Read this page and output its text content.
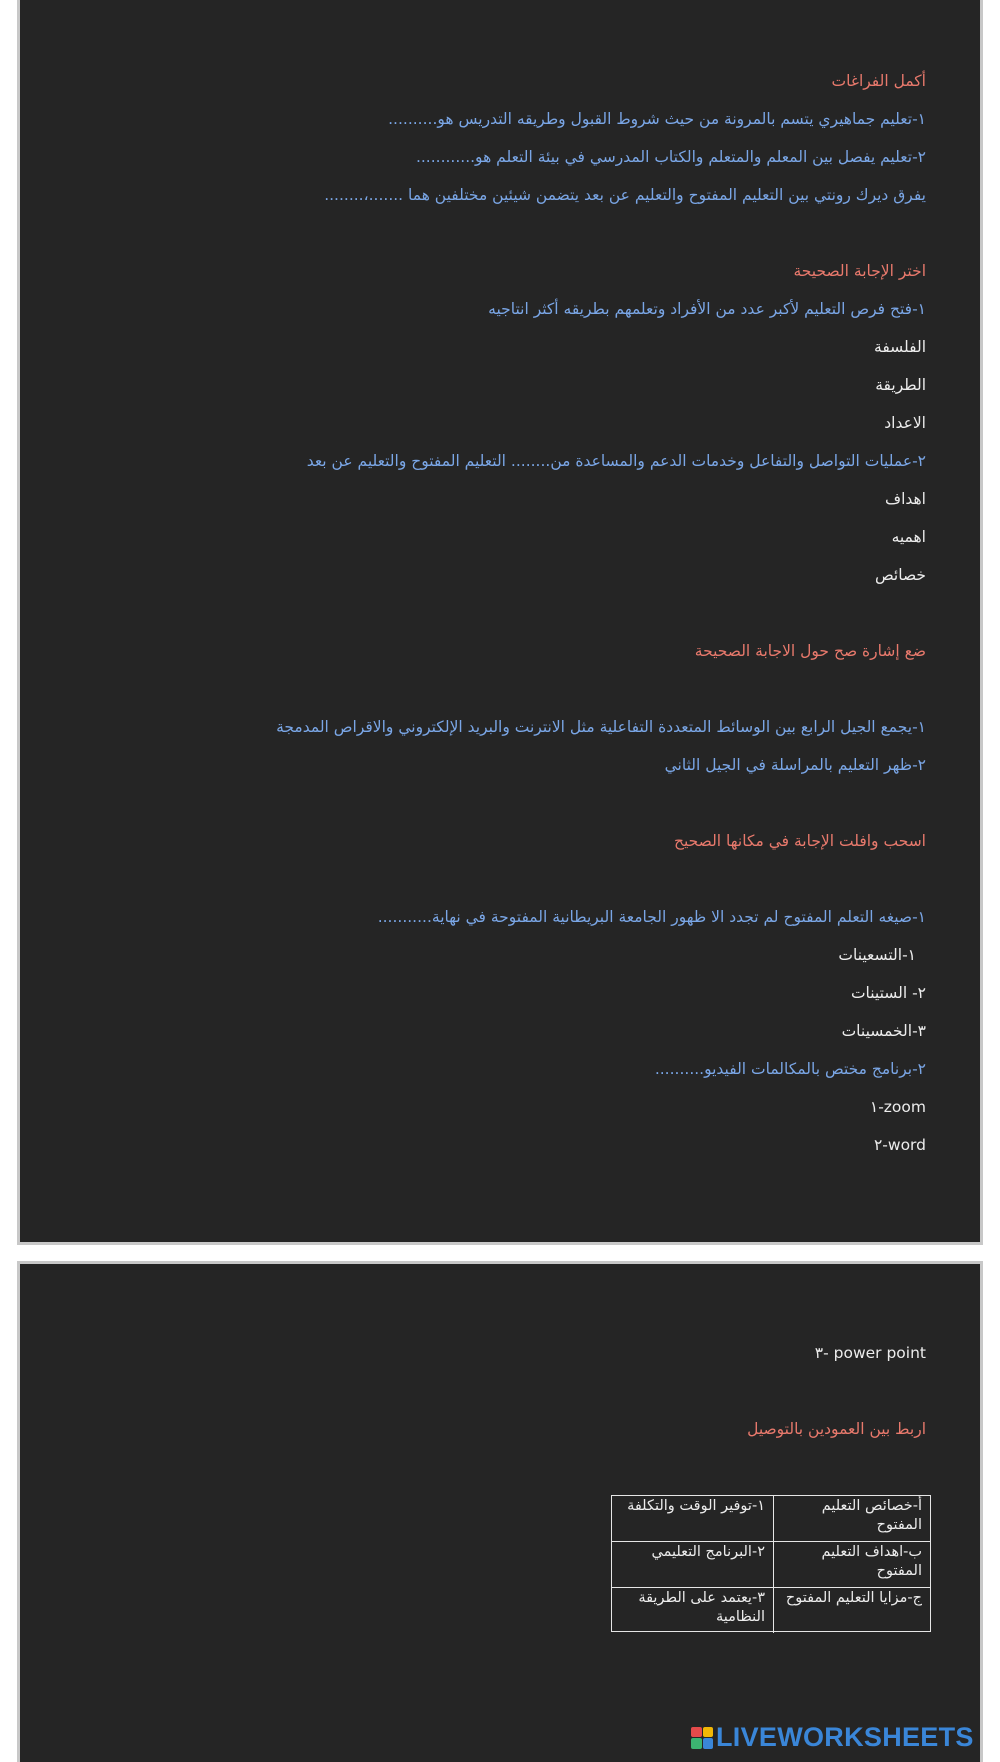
أكمل الفراغات
١-تعليم جماهيري يتسم بالمرونة من حيث شروط القبول وطريقه التدريس هو..........
٢-تعليم يفصل بين المعلم والمتعلم والكتاب المدرسي في بيئة التعلم هو............
يفرق ديرك رونتي بين التعليم المفتوح والتعليم عن بعد يتضمن شيئين مختلفين هما .......،........
اختر الإجابة الصحيحة
١-فتح فرص التعليم لأكبر عدد من الأفراد وتعلمهم بطريقه أكثر انتاجيه
الفلسفة
الطريقة
الاعداد
٢-عمليات التواصل والتفاعل وخدمات الدعم والمساعدة من........ التعليم المفتوح والتعليم عن بعد
اهداف
اهميه
خصائص
ضع إشارة صح حول الاجابة الصحيحة
١-يجمع الجيل الرابع بين الوسائط المتعددة التفاعلية مثل الانترنت والبريد الإلكتروني والاقراص المدمجة
٢-ظهر التعليم بالمراسلة في الجيل الثاني
اسحب وافلت الإجابة في مكانها الصحيح
١-صيغه التعلم المفتوح لم تجدد الا ظهور الجامعة البريطانية المفتوحة في نهاية...........
١-التسعينات
٢- الستينات
٣-الخمسينات
٢-برنامج مختص بالمكالمات الفيديو..........
zoom-١
word-٢
power point -٣
اربط بين العمودين بالتوصيل
أ-خصائص التعليم المفتوح
١-توفير الوقت والتكلفة
ب-اهداف التعليم المفتوح
٢-البرنامج التعليمي
ج-مزايا التعليم المفتوح
٣-يعتمد على الطريقة النظامية
LIVEWORKSHEETS
